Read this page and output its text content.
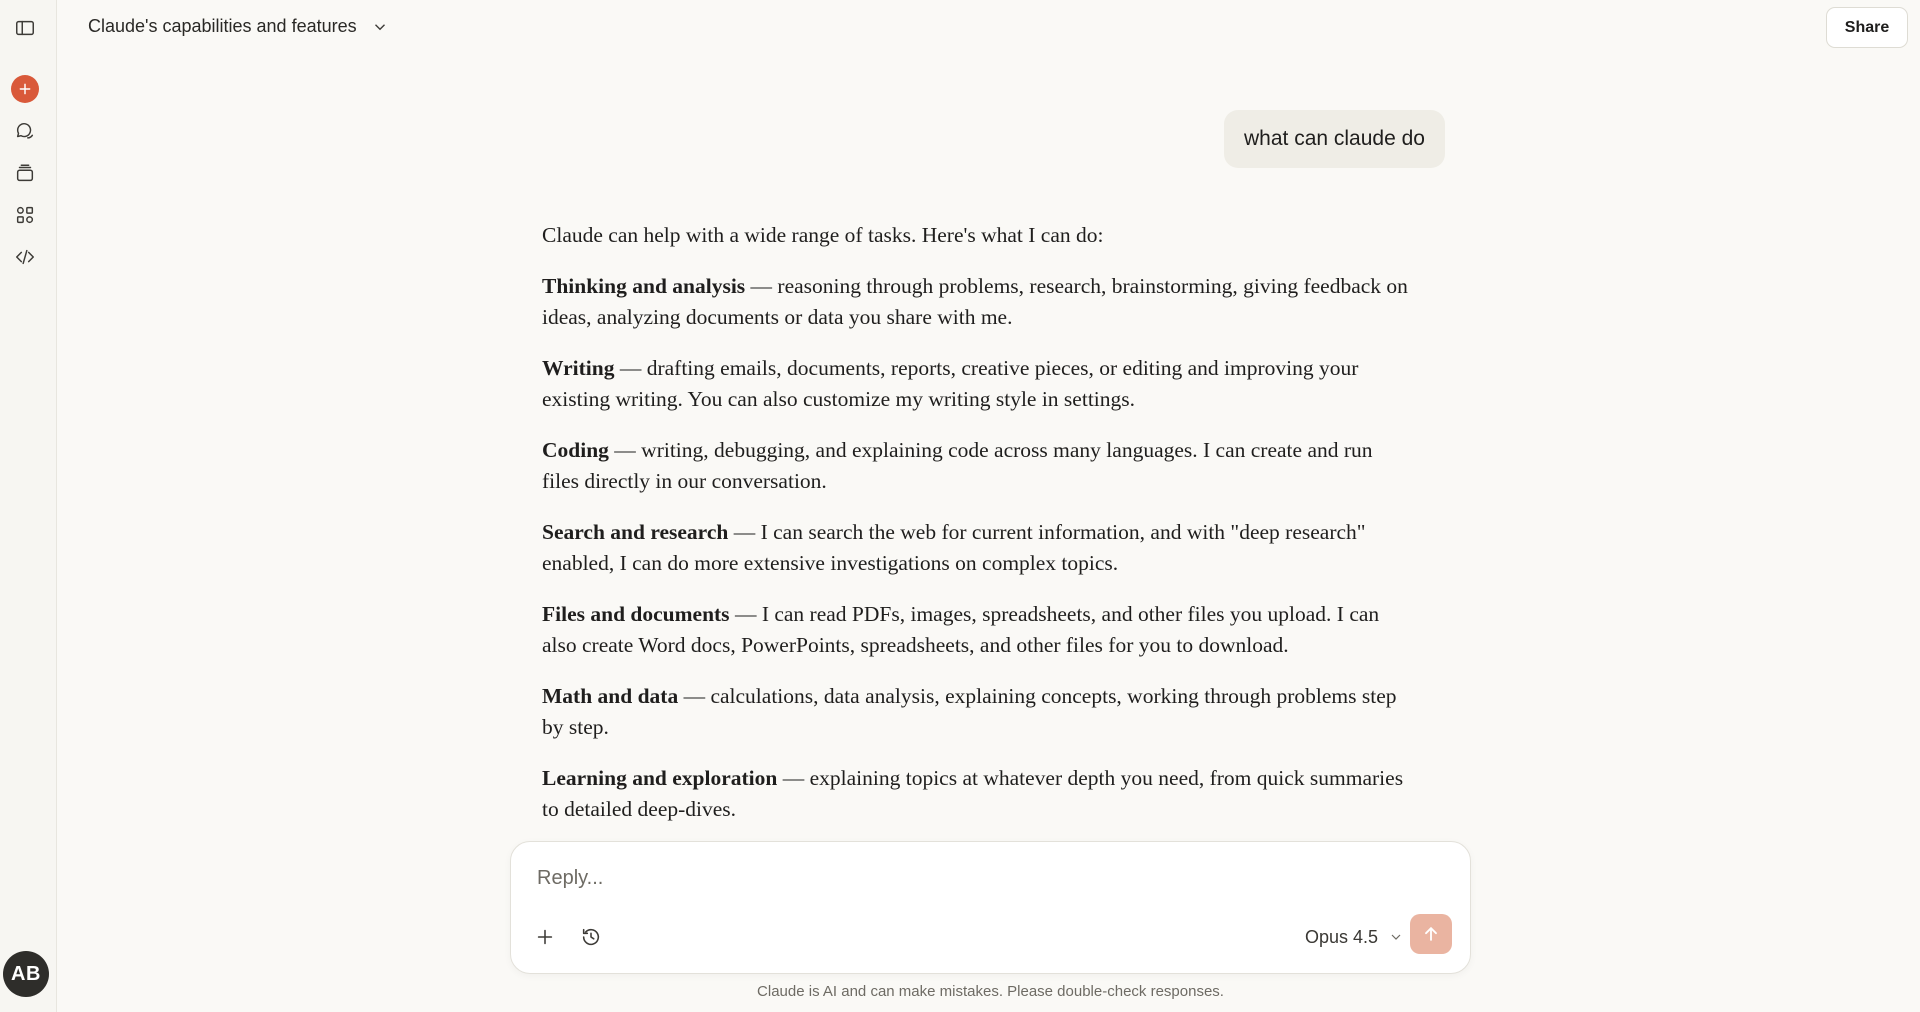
AB
Claude's capabilities and features	Share
what can claude do

Claude can help with a wide range of tasks. Here's what I can do:

Thinking and analysis — reasoning through problems, research, brainstorming, giving feedback on ideas, analyzing documents or data you share with me.

Writing — drafting emails, documents, reports, creative pieces, or editing and improving your existing writing. You can also customize my writing style in settings.

Coding — writing, debugging, and explaining code across many languages. I can create and run files directly in our conversation.

Search and research — I can search the web for current information, and with "deep research" enabled, I can do more extensive investigations on complex topics.

Files and documents — I can read PDFs, images, spreadsheets, and other files you upload. I can also create Word docs, PowerPoints, spreadsheets, and other files for you to download.

Math and data — calculations, data analysis, explaining concepts, working through problems step by step.

Learning and exploration — explaining topics at whatever depth you need, from quick summaries to detailed deep-dives.

Reply...
Opus 4.5
Claude is AI and can make mistakes. Please double-check responses.
